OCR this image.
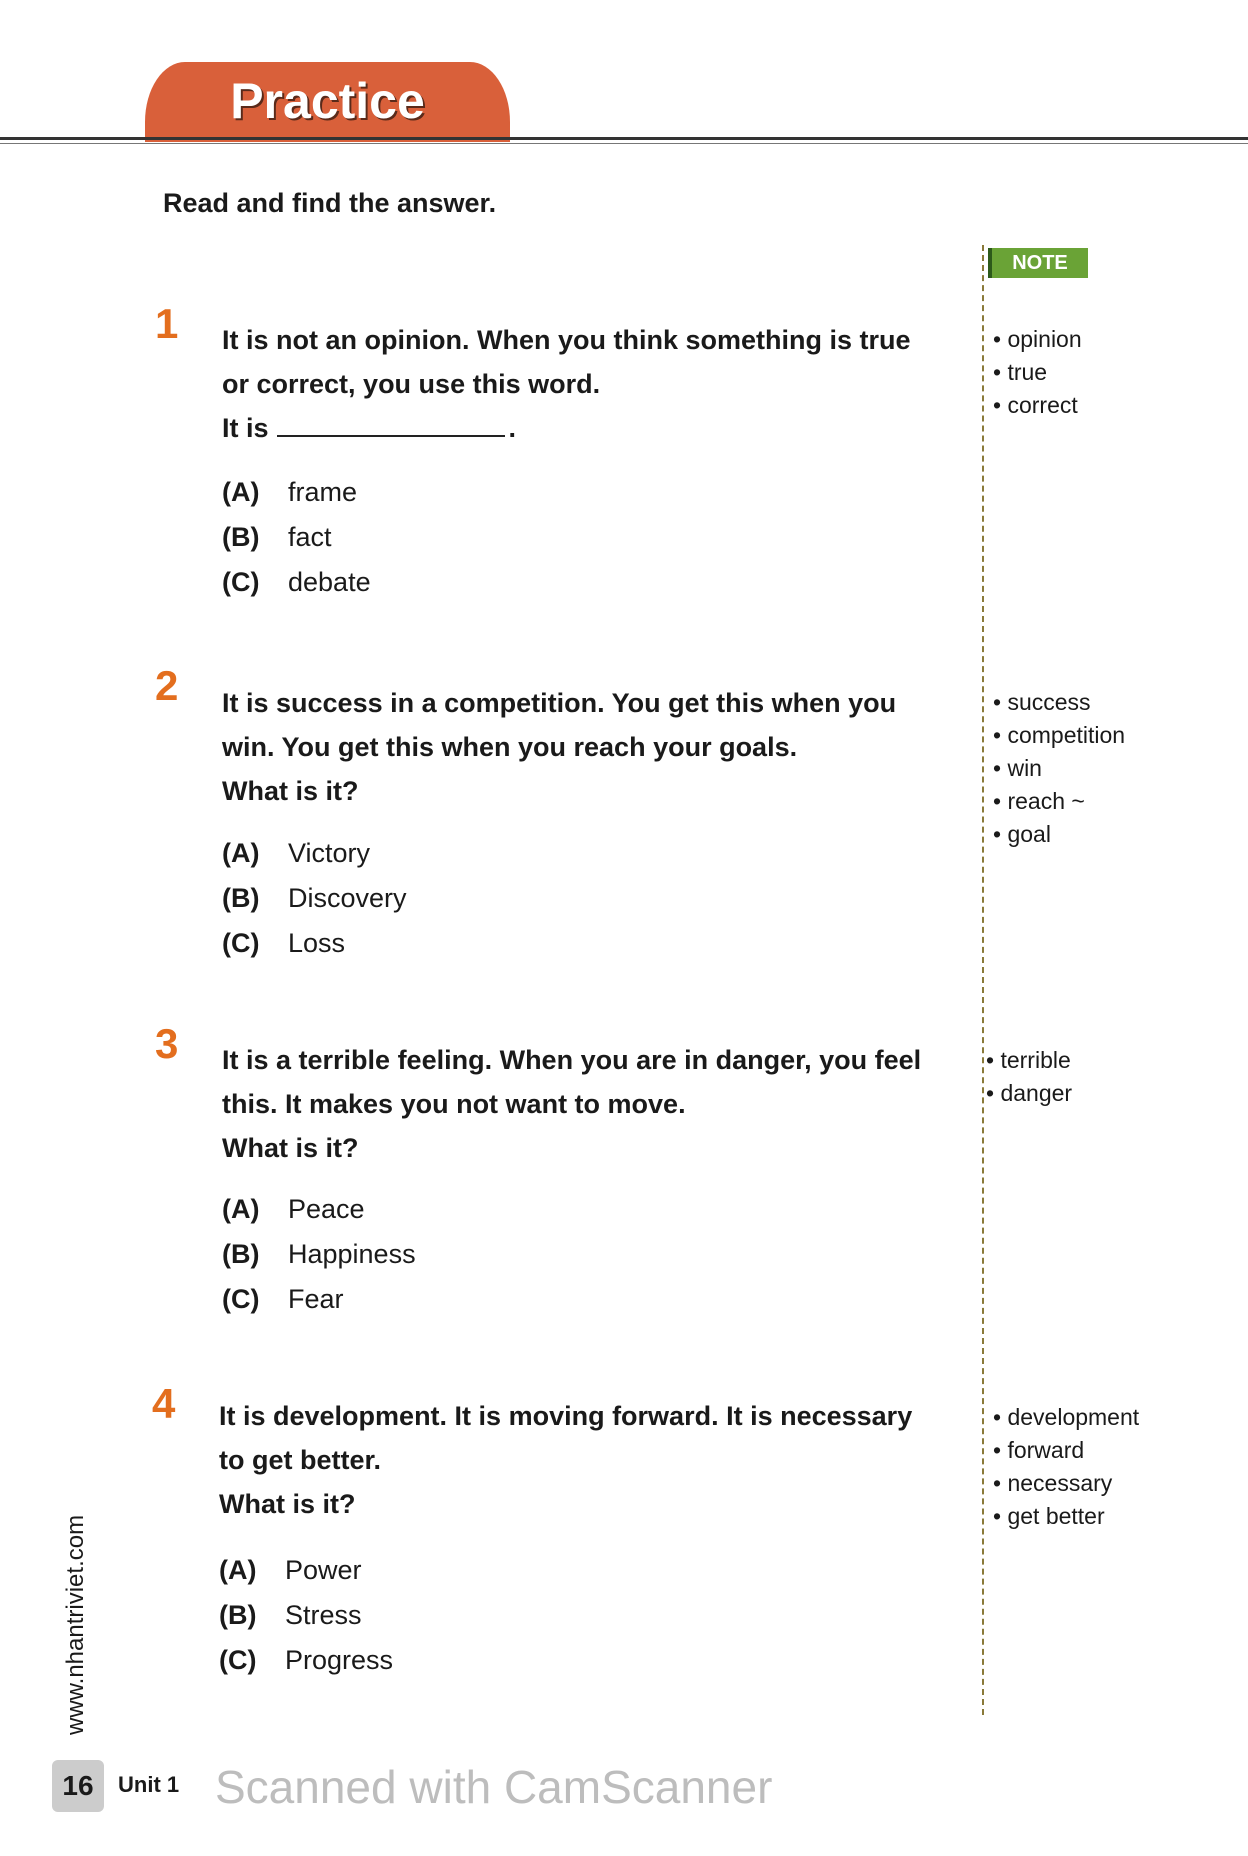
Practice
Read and find the answer.
NOTE
1 It is not an opinion. When you think something is true
or correct, you use this word.
It is	.
(A) frame
(B) fact
(C) debate
• opinion
• true
• correct
2 It is success in a competition. You get this when you
win. You get this when you reach your goals.
What is it?
(A) Victory
(B) Discovery
(C) Loss
• success
• competition
• win
• reach ~
• goal
3 It is a terrible feeling. When you are in danger, you feel
this. It makes you not want to move.
What is it?
(A) Peace
(B) Happiness
(C) Fear
• terrible
• danger
4 It is development. It is moving forward. It is necessary
to get better.
What is it?
(A) Power
(B) Stress
(C) Progress
• development
• forward
• necessary
• get better
www.nhantriviet.com
16	Unit 1 Scanned with CamScanner
